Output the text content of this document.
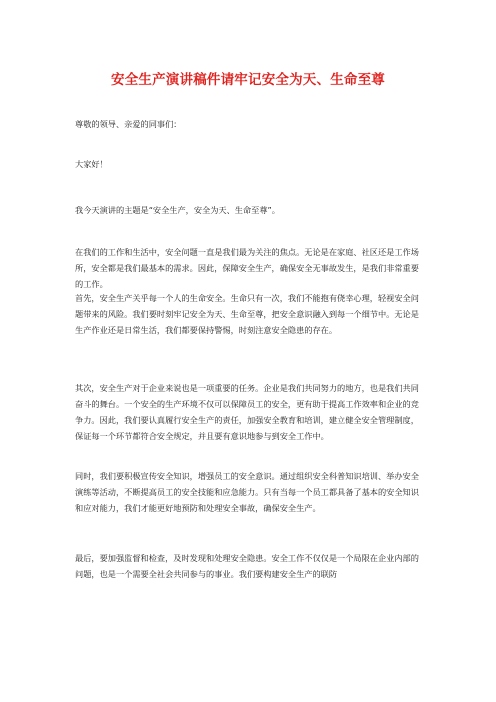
安全生产演讲稿件请牢记安全为天、生命至尊

尊敬的领导、亲爱的同事们：

大家好！

我今天演讲的主题是“安全生产，安全为天、生命至尊”。

在我们的工作和生活中，安全问题一直是我们最为关注的焦点。无论是在家庭、社区还是工作场所，安全都是我们最基本的需求。因此，保障安全生产，确保安全无事故发生，是我们非常重要的工作。

首先，安全生产关乎每一个人的生命安全。生命只有一次，我们不能抱有侥幸心理，轻视安全问题带来的风险。我们要时刻牢记安全为天、生命至尊，把安全意识融入到每一个细节中。无论是生产作业还是日常生活，我们都要保持警惕，时刻注意安全隐患的存在。

其次，安全生产对于企业来说也是一项重要的任务。企业是我们共同努力的地方，也是我们共同奋斗的舞台。一个安全的生产环境不仅可以保障员工的安全，更有助于提高工作效率和企业的竞争力。因此，我们要认真履行安全生产的责任，加强安全教育和培训，建立健全安全管理制度，保证每一个环节都符合安全规定，并且要有意识地参与到安全工作中。

同时，我们要积极宣传安全知识，增强员工的安全意识。通过组织安全科普知识培训、举办安全演练等活动，不断提高员工的安全技能和应急能力。只有当每一个员工都具备了基本的安全知识和应对能力，我们才能更好地预防和处理安全事故，确保安全生产。

最后，要加强监督和检查，及时发现和处理安全隐患。安全工作不仅仅是一个局限在企业内部的问题，也是一个需要全社会共同参与的事业。我们要构建安全生产的联防
